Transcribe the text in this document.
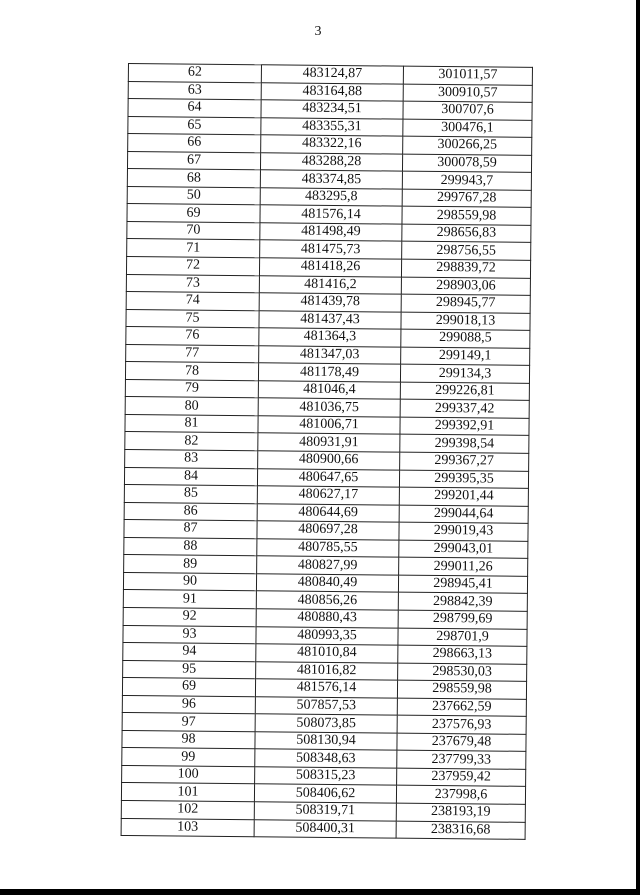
3
62	483124,87	301011,57
63	483164,88	300910,57
64	483234,51	300707,6
65	483355,31	300476,1
66	483322,16	300266,25
67	483288,28	300078,59
68	483374,85	299943,7
50	483295,8	299767,28
69	481576,14	298559,98
70	481498,49	298656,83
71	481475,73	298756,55
72	481418,26	298839,72
73	481416,2	298903,06
74	481439,78	298945,77
75	481437,43	299018,13
76	481364,3	299088,5
77	481347,03	299149,1
78	481178,49	299134,3
79	481046,4	299226,81
80	481036,75	299337,42
81	481006,71	299392,91
82	480931,91	299398,54
83	480900,66	299367,27
84	480647,65	299395,35
85	480627,17	299201,44
86	480644,69	299044,64
87	480697,28	299019,43
88	480785,55	299043,01
89	480827,99	299011,26
90	480840,49	298945,41
91	480856,26	298842,39
92	480880,43	298799,69
93	480993,35	298701,9
94	481010,84	298663,13
95	481016,82	298530,03
69	481576,14	298559,98
96	507857,53	237662,59
97	508073,85	237576,93
98	508130,94	237679,48
99	508348,63	237799,33
100	508315,23	237959,42
101	508406,62	237998,6
102	508319,71	238193,19
103	508400,31	238316,68
